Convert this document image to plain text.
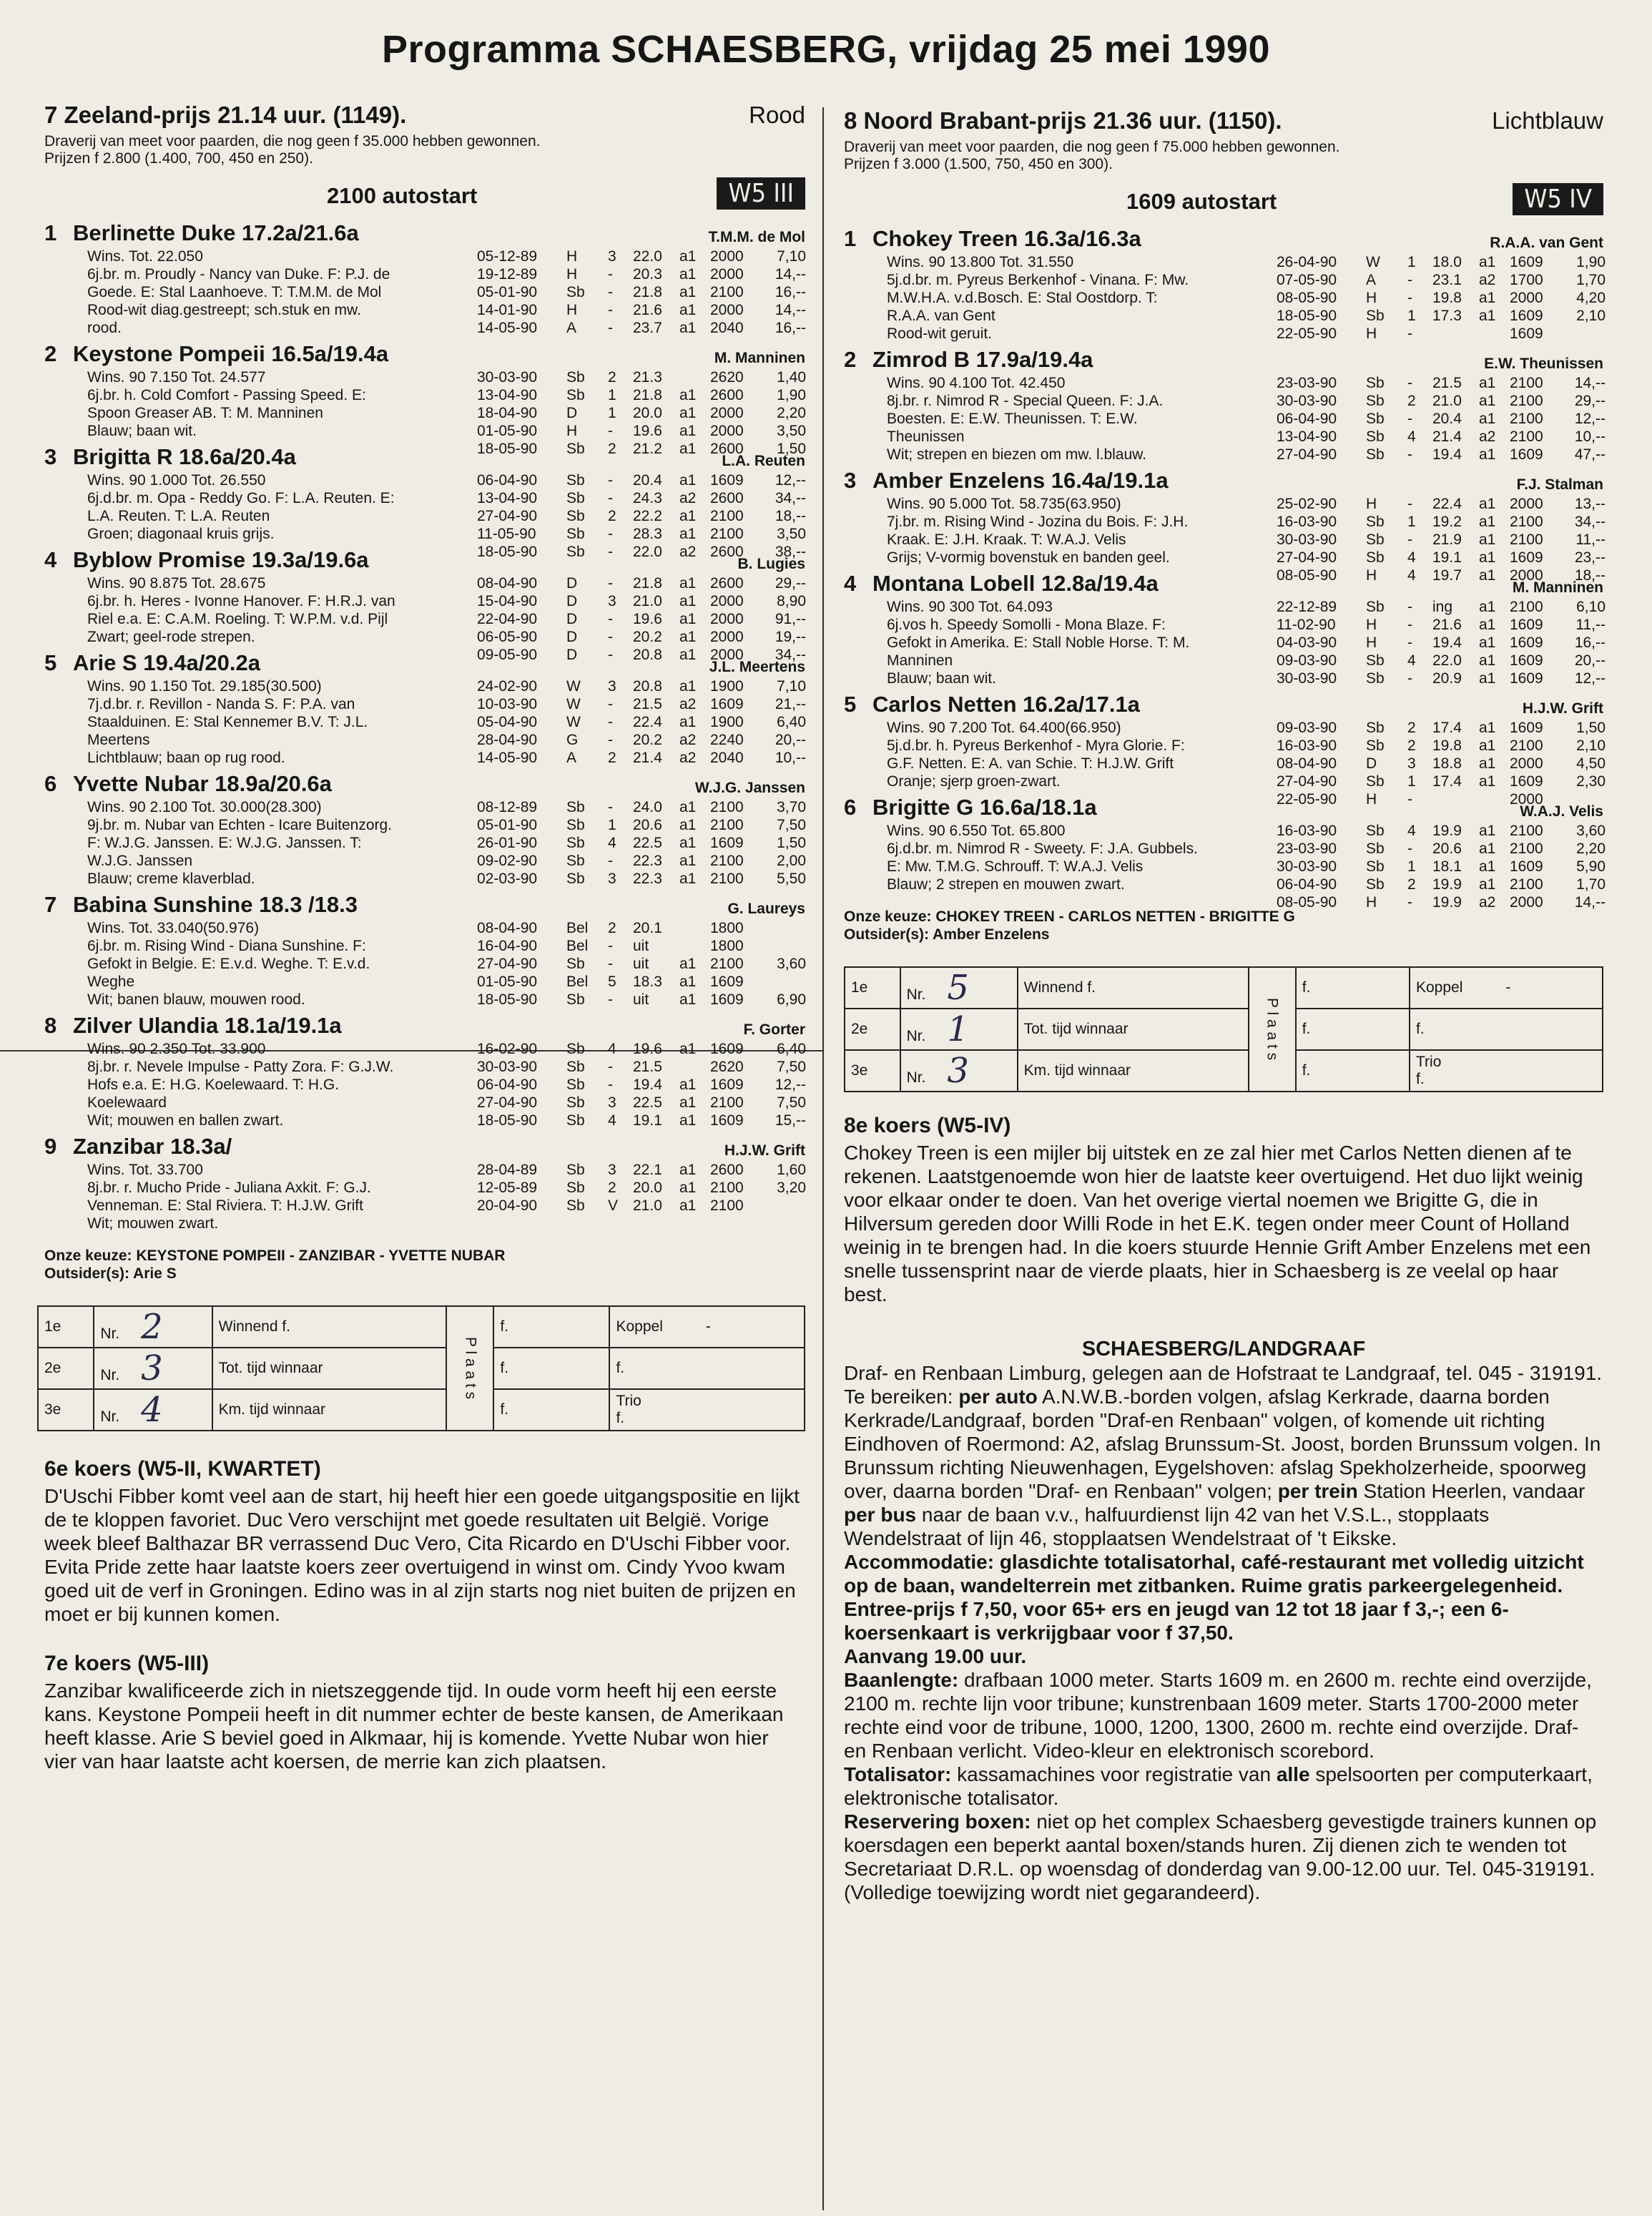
Programma SCHAESBERG, vrijdag 25 mei 1990
7 Zeeland-prijs 21.14 uur. (1149).	Rood
Draverij van meet voor paarden, die nog geen f 35.000 hebben gewonnen.
Prijzen f 2.800 (1.400, 700, 450 en 250).
2100 autostart	W5 III
1 Berlinette Duke 17.2a/21.6a	T.M.M. de Mol
Wins. Tot. 22.050
6j.br. m. Proudly - Nancy van Duke. F: P.J. de
Goede. E: Stal Laanhoeve. T: T.M.M. de Mol
Rood-wit diag.gestreept; sch.stuk en mw.
rood.
05-12-89 H 3 22.0 a1 2000 7,10
19-12-89 H - 20.3 a1 2000 14,--
05-01-90 Sb - 21.8 a1 2100 16,--
14-01-90 H - 21.6 a1 2000 14,--
14-05-90 A - 23.7 a1 2040 16,--
2 Keystone Pompeii 16.5a/19.4a	M. Manninen
Wins. 90 7.150 Tot. 24.577
6j.br. h. Cold Comfort - Passing Speed. E:
Spoon Greaser AB. T: M. Manninen
Blauw; baan wit.
30-03-90 Sb 2 21.3	2620 1,40
13-04-90 Sb 1 21.8 a1 2600 1,90
18-04-90 D 1 20.0 a1 2000 2,20
01-05-90 H - 19.6 a1 2000 3,50
18-05-90 Sb 2 21.2 a1 2600 1,50
3 Brigitta R 18.6a/20.4a	L.A. Reuten
Wins. 90 1.000 Tot. 26.550
6j.d.br. m. Opa - Reddy Go. F: L.A. Reuten. E:
L.A. Reuten. T: L.A. Reuten
Groen; diagonaal kruis grijs.
06-04-90 Sb - 20.4 a1 1609 12,--
13-04-90 Sb - 24.3 a2 2600 34,--
27-04-90 Sb 2 22.2 a1 2100 18,--
11-05-90 Sb - 28.3 a1 2100 3,50
18-05-90 Sb - 22.0 a2 2600 38,--
4 Byblow Promise 19.3a/19.6a	B. Lugies
Wins. 90 8.875 Tot. 28.675
6j.br. h. Heres - Ivonne Hanover. F: H.R.J. van
Riel e.a. E: C.A.M. Roeling. T: W.P.M. v.d. Pijl
Zwart; geel-rode strepen.
08-04-90 D - 21.8 a1 2600 29,--
15-04-90 D 3 21.0 a1 2000 8,90
22-04-90 D - 19.6 a1 2000 91,--
06-05-90 D - 20.2 a1 2000 19,--
09-05-90 D - 20.8 a1 2000 34,--
5 Arie S 19.4a/20.2a	J.L. Meertens
Wins. 90 1.150 Tot. 29.185(30.500)
7j.d.br. r. Revillon - Nanda S. F: P.A. van
Staalduinen. E: Stal Kennemer B.V. T: J.L.
Meertens
Lichtblauw; baan op rug rood.
24-02-90 W 3 20.8 a1 1900 7,10
10-03-90 W - 21.5 a2 1609 21,--
05-04-90 W - 22.4 a1 1900 6,40
28-04-90 G - 20.2 a2 2240 20,--
14-05-90 A 2 21.4 a2 2040 10,--
6 Yvette Nubar 18.9a/20.6a	W.J.G. Janssen
Wins. 90 2.100 Tot. 30.000(28.300)
9j.br. m. Nubar van Echten - Icare Buitenzorg.
F: W.J.G. Janssen. E: W.J.G. Janssen. T:
W.J.G. Janssen
Blauw; creme klaverblad.
08-12-89 Sb - 24.0 a1 2100 3,70
05-01-90 Sb 1 20.6 a1 2100 7,50
26-01-90 Sb 4 22.5 a1 1609 1,50
09-02-90 Sb - 22.3 a1 2100 2,00
02-03-90 Sb 3 22.3 a1 2100 5,50
7 Babina Sunshine 18.3 /18.3	G. Laureys
Wins. Tot. 33.040(50.976)
6j.br. m. Rising Wind - Diana Sunshine. F:
Gefokt in Belgie. E: E.v.d. Weghe. T: E.v.d.
Weghe
Wit; banen blauw, mouwen rood.
08-04-90 Bel 2 20.1	1800
16-04-90 Bel - uit	1800
27-04-90 Sb - uit a1 2100 3,60
01-05-90 Bel 5 18.3 a1 1609
18-05-90 Sb - uit a1 1609 6,90
8 Zilver Ulandia 18.1a/19.1a	F. Gorter
Wins. 90 2.350 Tot. 33.900
8j.br. r. Nevele Impulse - Patty Zora. F: G.J.W.
Hofs e.a. E: H.G. Koelewaard. T: H.G.
Koelewaard
Wit; mouwen en ballen zwart.
16-02-90 Sb 4 19.6 a1 1609 6,40
30-03-90 Sb - 21.5	2620 7,50
06-04-90 Sb - 19.4 a1 1609 12,--
27-04-90 Sb 3 22.5 a1 2100 7,50
18-05-90 Sb 4 19.1 a1 1609 15,--
9 Zanzibar 18.3a/	H.J.W. Grift
Wins. Tot. 33.700
8j.br. r. Mucho Pride - Juliana Axkit. F: G.J.
Venneman. E: Stal Riviera. T: H.J.W. Grift
Wit; mouwen zwart.
28-04-89 Sb 3 22.1 a1 2600 1,60
12-05-89 Sb 2 20.0 a1 2100 3,20
20-04-90 Sb V 21.0 a1 2100
Onze keuze: KEYSTONE POMPEII - ZANZIBAR - YVETTE NUBAR
Outsider(s): Arie S
1e	Nr. 2	Winnend f.	P l a a t s	f.	Koppel -
2e	Nr. 3	Tot. tijd winnaar		f.	f.
3e	Nr. 4	Km. tijd winnaar		f.	Trio
f.
6e koers (W5-II, KWARTET)

D'Uschi Fibber komt veel aan de start, hij heeft hier een goede uitgangspositie en lijkt de te kloppen favoriet. Duc Vero verschijnt met goede resultaten uit België. Vorige week bleef Balthazar BR verrassend Duc Vero, Cita Ricardo en D'Uschi Fibber voor. Evita Pride zette haar laatste koers zeer overtuigend in winst om. Cindy Yvoo kwam goed uit de verf in Groningen. Edino was in al zijn starts nog niet buiten de prijzen en moet er bij kunnen komen.

7e koers (W5-III)

Zanzibar kwalificeerde zich in nietszeggende tijd. In oude vorm heeft hij een eerste kans. Keystone Pompeii heeft in dit nummer echter de beste kansen, de Amerikaan heeft klasse. Arie S beviel goed in Alkmaar, hij is komende. Yvette Nubar won hier vier van haar laatste acht koersen, de merrie kan zich plaatsen.

8 Noord Brabant-prijs 21.36 uur. (1150).	Lichtblauw
Draverij van meet voor paarden, die nog geen f 75.000 hebben gewonnen.
Prijzen f 3.000 (1.500, 750, 450 en 300).
1609 autostart	W5 IV
1 Chokey Treen 16.3a/16.3a	R.A.A. van Gent
Wins. 90 13.800 Tot. 31.550
5j.d.br. m. Pyreus Berkenhof - Vinana. F: Mw.
M.W.H.A. v.d.Bosch. E: Stal Oostdorp. T:
R.A.A. van Gent
Rood-wit geruit.
26-04-90 W 1 18.0 a1 1609 1,90
07-05-90 A - 23.1 a2 1700 1,70
08-05-90 H - 19.8 a1 2000 4,20
18-05-90 Sb 1 17.3 a1 1609 2,10
22-05-90 H -	1609
2 Zimrod B 17.9a/19.4a	E.W. Theunissen
Wins. 90 4.100 Tot. 42.450
8j.br. r. Nimrod R - Special Queen. F: J.A.
Boesten. E: E.W. Theunissen. T: E.W.
Theunissen
Wit; strepen en biezen om mw. l.blauw.
23-03-90 Sb - 21.5 a1 2100 14,--
30-03-90 Sb 2 21.0 a1 2100 29,--
06-04-90 Sb - 20.4 a1 2100 12,--
13-04-90 Sb 4 21.4 a2 2100 10,--
27-04-90 Sb - 19.4 a1 1609 47,--
3 Amber Enzelens 16.4a/19.1a	F.J. Stalman
Wins. 90 5.000 Tot. 58.735(63.950)
7j.br. m. Rising Wind - Jozina du Bois. F: J.H.
Kraak. E: J.H. Kraak. T: W.A.J. Velis
Grijs; V-vormig bovenstuk en banden geel.
25-02-90 H - 22.4 a1 2000 13,--
16-03-90 Sb 1 19.2 a1 2100 34,--
30-03-90 Sb - 21.9 a1 2100 11,--
27-04-90 Sb 4 19.1 a1 1609 23,--
08-05-90 H 4 19.7 a1 2000 18,--
4 Montana Lobell 12.8a/19.4a	M. Manninen
Wins. 90 300 Tot. 64.093
6j.vos h. Speedy Somolli - Mona Blaze. F:
Gefokt in Amerika. E: Stall Noble Horse. T: M.
Manninen
Blauw; baan wit.
22-12-89 Sb - ing a1 2100 6,10
11-02-90 H - 21.6 a1 1609 11,--
04-03-90 H - 19.4 a1 1609 16,--
09-03-90 Sb 4 22.0 a1 1609 20,--
30-03-90 Sb - 20.9 a1 1609 12,--
5 Carlos Netten 16.2a/17.1a	H.J.W. Grift
Wins. 90 7.200 Tot. 64.400(66.950)
5j.d.br. h. Pyreus Berkenhof - Myra Glorie. F:
G.F. Netten. E: A. van Schie. T: H.J.W. Grift
Oranje; sjerp groen-zwart.
09-03-90 Sb 2 17.4 a1 1609 1,50
16-03-90 Sb 2 19.8 a1 2100 2,10
08-04-90 D 3 18.8 a1 2000 4,50
27-04-90 Sb 1 17.4 a1 1609 2,30
22-05-90 H -	2000
6 Brigitte G 16.6a/18.1a	W.A.J. Velis
Wins. 90 6.550 Tot. 65.800
6j.d.br. m. Nimrod R - Sweety. F: J.A. Gubbels.
E: Mw. T.M.G. Schrouff. T: W.A.J. Velis
Blauw; 2 strepen en mouwen zwart.
16-03-90 Sb 4 19.9 a1 2100 3,60
23-03-90 Sb - 20.6 a1 2100 2,20
30-03-90 Sb 1 18.1 a1 1609 5,90
06-04-90 Sb 2 19.9 a1 2100 1,70
08-05-90 H - 19.9 a2 2000 14,--
Onze keuze: CHOKEY TREEN - CARLOS NETTEN - BRIGITTE G
Outsider(s): Amber Enzelens
1e	Nr. 5	Winnend f.	P l a a t s	f.	Koppel -
2e	Nr. 1	Tot. tijd winnaar		f.	f.
3e	Nr. 3	Km. tijd winnaar		f.	Trio
f.
8e koers (W5-IV)

Chokey Treen is een mijler bij uitstek en ze zal hier met Carlos Netten dienen af te rekenen. Laatstgenoemde won hier de laatste keer overtuigend. Het duo lijkt weinig voor elkaar onder te doen. Van het overige viertal noemen we Brigitte G, die in Hilversum gereden door Willi Rode in het E.K. tegen onder meer Count of Holland weinig in te brengen had. In die koers stuurde Hennie Grift Amber Enzelens met een snelle tussensprint naar de vierde plaats, hier in Schaesberg is ze veelal op haar best.

SCHAESBERG/LANDGRAAF
Draf- en Renbaan Limburg, gelegen aan de Hofstraat te Landgraaf, tel. 045 - 319191. Te bereiken: per auto A.N.W.B.-borden volgen, afslag Kerkrade, daarna borden Kerkrade/Landgraaf, borden "Draf-en Renbaan" volgen, of komende uit richting Eindhoven of Roermond: A2, afslag Brunssum-St. Joost, borden Brunssum volgen. In Brunssum richting Nieuwenhagen, Eygelshoven: afslag Spekholzerheide, spoorweg over, daarna borden "Draf- en Renbaan" volgen; per trein Station Heerlen, vandaar per bus naar de baan v.v., halfuurdienst lijn 42 van het V.S.L., stopplaats Wendelstraat of lijn 46, stopplaatsen Wendelstraat of 't Eikske.
Accommodatie: glasdichte totalisatorhal, café-restaurant met volledig uitzicht op de baan, wandelterrein met zitbanken. Ruime gratis parkeergelegenheid.
Entree-prijs f 7,50, voor 65+ ers en jeugd van 12 tot 18 jaar f 3,-; een 6-koersenkaart is verkrijgbaar voor f 37,50.
Aanvang 19.00 uur.
Baanlengte: drafbaan 1000 meter. Starts 1609 m. en 2600 m. rechte eind overzijde, 2100 m. rechte lijn voor tribune; kunstrenbaan 1609 meter. Starts 1700-2000 meter rechte eind voor de tribune, 1000, 1200, 1300, 2600 m. rechte eind overzijde. Draf- en Renbaan verlicht. Video-kleur en elektronisch scorebord.
Totalisator: kassamachines voor registratie van alle spelsoorten per computerkaart, elektronische totalisator.
Reservering boxen: niet op het complex Schaesberg gevestigde trainers kunnen op koersdagen een beperkt aantal boxen/stands huren. Zij dienen zich te wenden tot Secretariaat D.R.L. op woensdag of donderdag van 9.00-12.00 uur. Tel. 045-319191. (Volledige toewijzing wordt niet gegarandeerd).
